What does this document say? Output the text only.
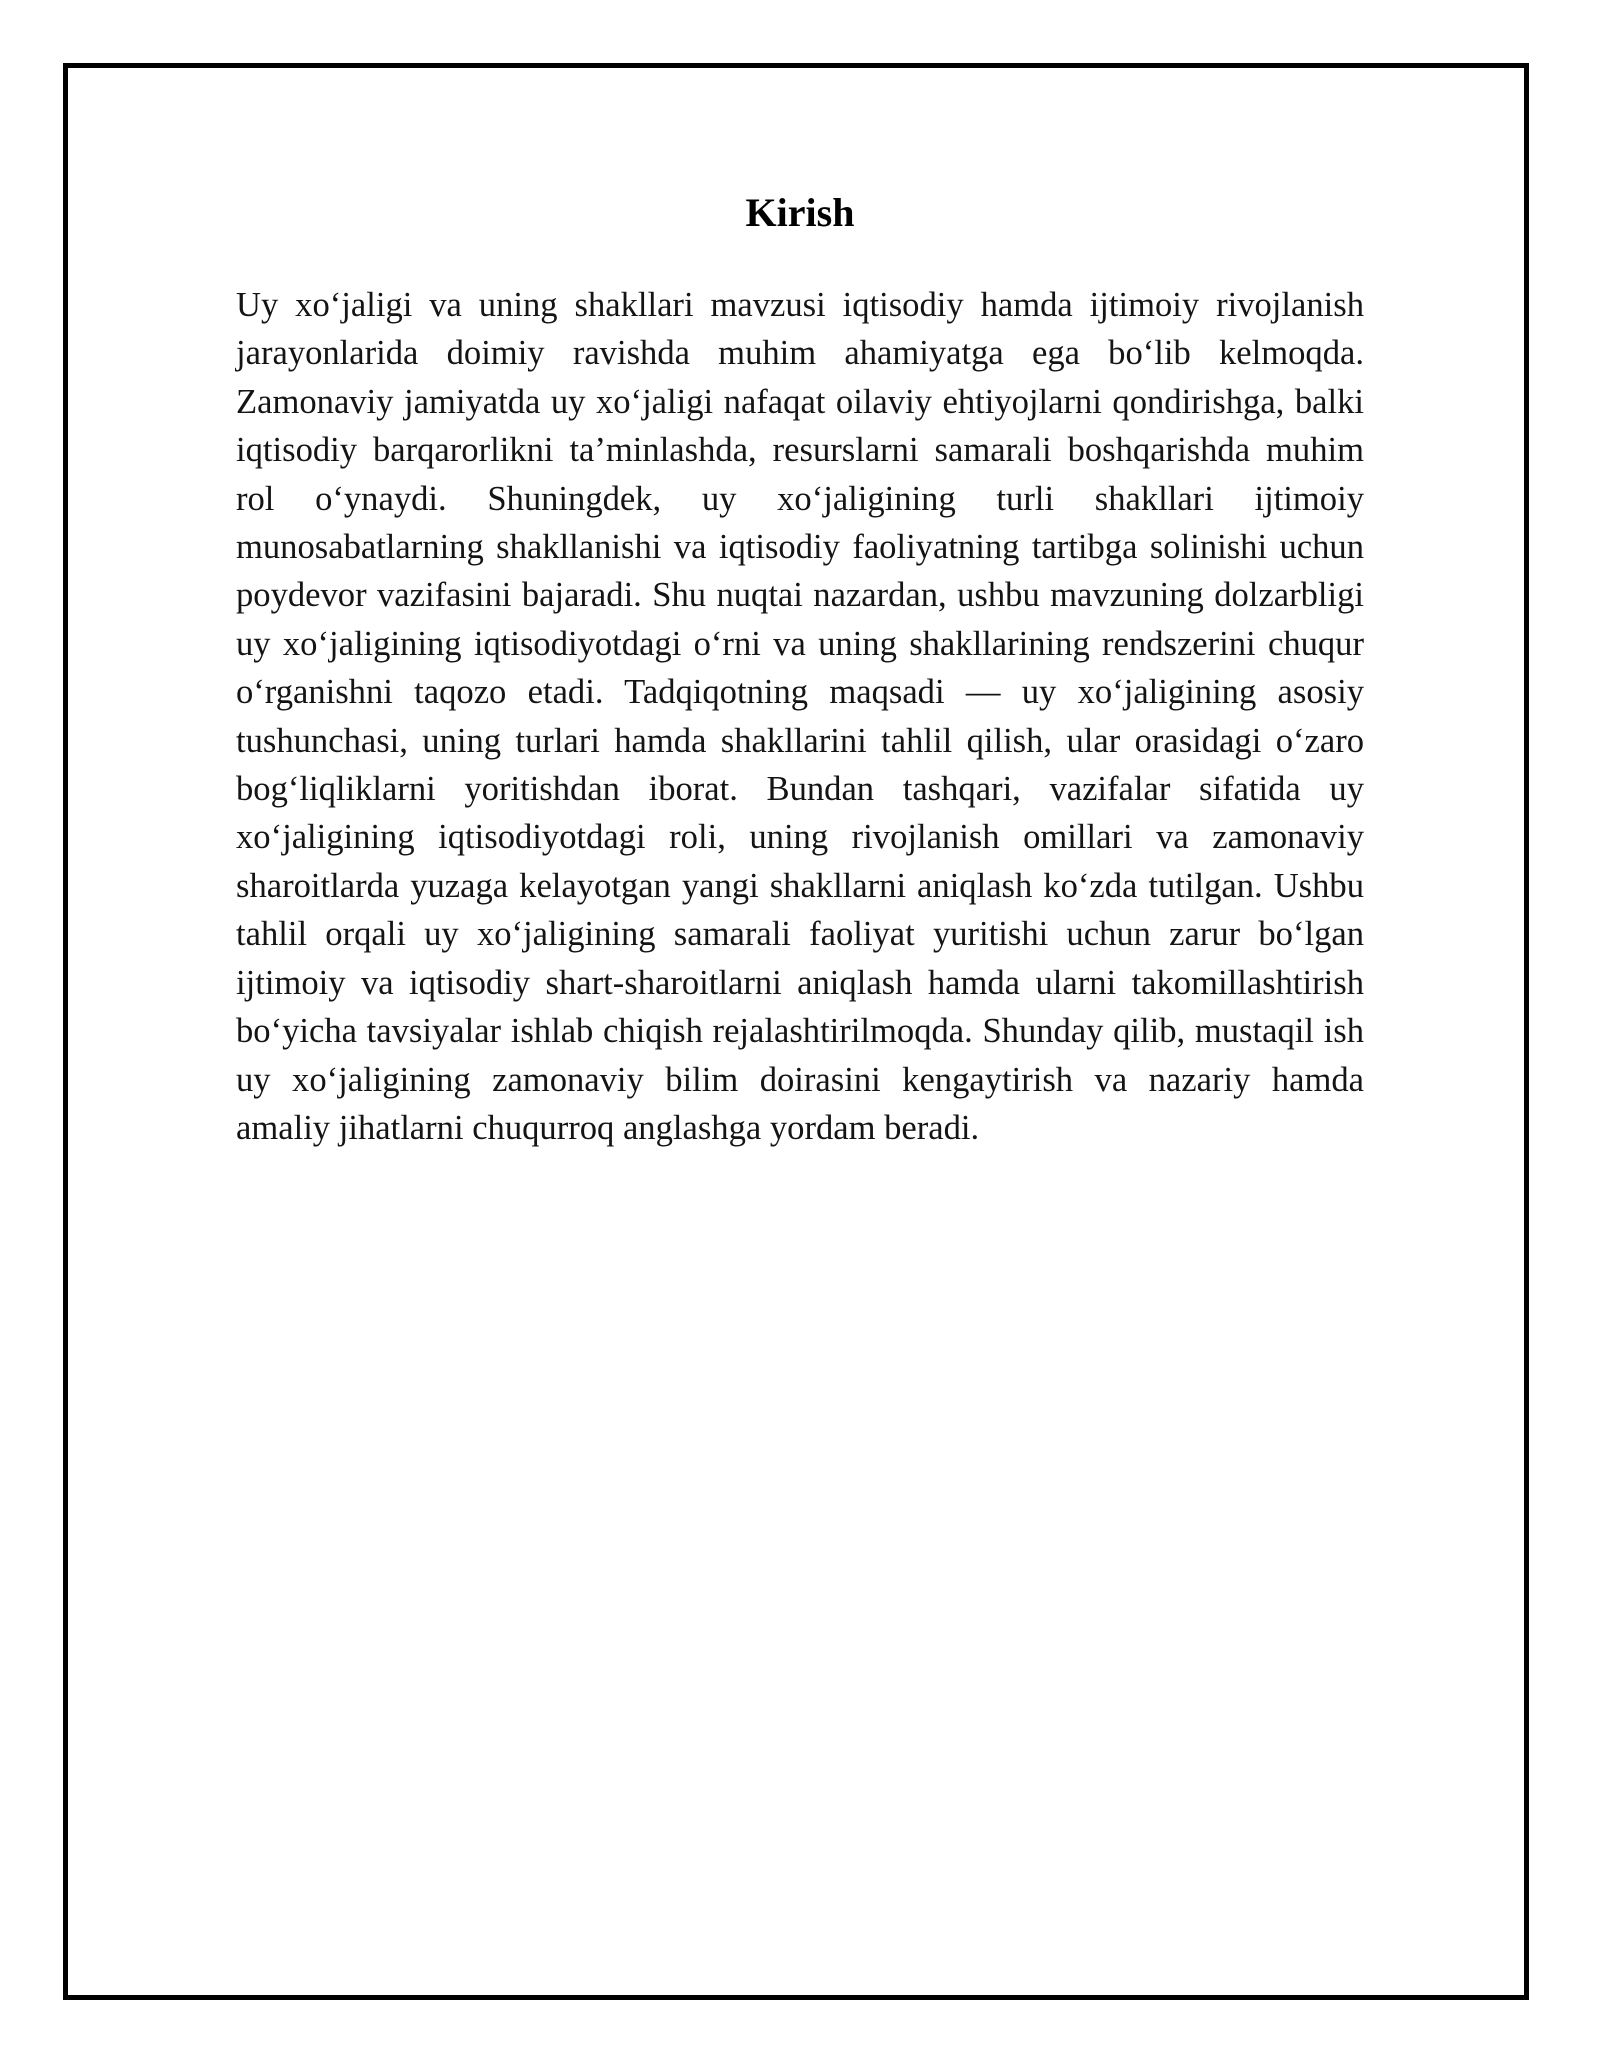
Kirish

Uy xo‘jaligi va uning shakllari mavzusi iqtisodiy hamda ijtimoiy rivojlanish jarayonlarida doimiy ravishda muhim ahamiyatga ega bo‘lib kelmoqda. Zamonaviy jamiyatda uy xo‘jaligi nafaqat oilaviy ehtiyojlarni qondirishga, balki iqtisodiy barqarorlikni ta’minlashda, resurslarni samarali boshqarishda muhim rol o‘ynaydi. Shuningdek, uy xo‘jaligining turli shakllari ijtimoiy munosabatlarning shakllanishi va iqtisodiy faoliyatning tartibga solinishi uchun poydevor vazifasini bajaradi. Shu nuqtai nazardan, ushbu mavzuning dolzarbligi uy xo‘jaligining iqtisodiyotdagi o‘rni va uning shakllarining rendszerini chuqur o‘rganishni taqozo etadi. Tadqiqotning maqsadi — uy xo‘jaligining asosiy tushunchasi, uning turlari hamda shakllarini tahlil qilish, ular orasidagi o‘zaro bog‘liqliklarni yoritishdan iborat. Bundan tashqari, vazifalar sifatida uy xo‘jaligining iqtisodiyotdagi roli, uning rivojlanish omillari va zamonaviy sharoitlarda yuzaga kelayotgan yangi shakllarni aniqlash ko‘zda tutilgan. Ushbu tahlil orqali uy xo‘jaligining samarali faoliyat yuritishi uchun zarur bo‘lgan ijtimoiy va iqtisodiy shart-sharoitlarni aniqlash hamda ularni takomillashtirish bo‘yicha tavsiyalar ishlab chiqish rejalashtirilmoqda. Shunday qilib, mustaqil ish uy xo‘jaligining zamonaviy bilim doirasini kengaytirish va nazariy hamda amaliy jihatlarni chuqurroq anglashga yordam beradi.
